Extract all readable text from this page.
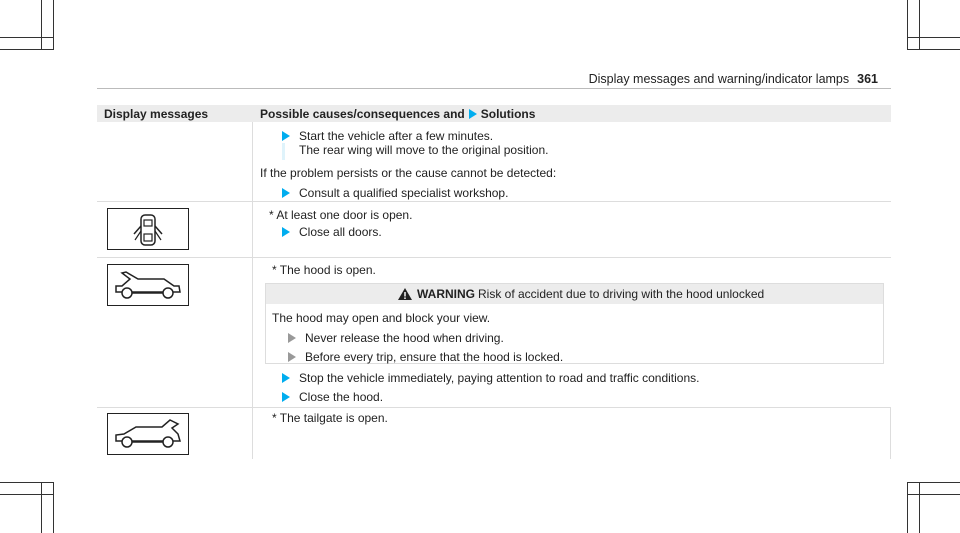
Display messages and warning/indicator lamps 361
Display messages	Possible causes/consequences and Solutions
Start the vehicle after a few minutes.
The rear wing will move to the original position.
If the problem persists or the cause cannot be detected:
Consult a qualified specialist workshop.
* At least one door is open.
Close all doors.
* The hood is open.
WARNING Risk of accident due to driving with the hood unlocked
The hood may open and block your view.
Never release the hood when driving.
Before every trip, ensure that the hood is locked.
Stop the vehicle immediately, paying attention to road and traffic conditions.
Close the hood.
* The tailgate is open.
